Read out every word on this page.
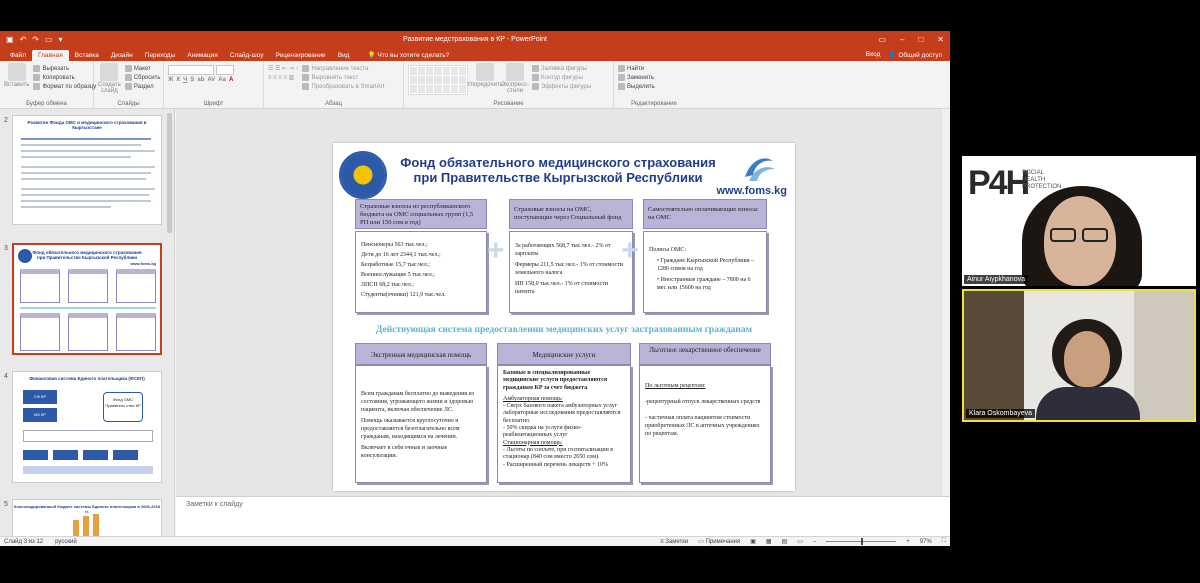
▣ ↶ ↷ ▭ ▾	Развитие медстрахования в КР - PowerPoint	▭ – □ ✕
Файл	Главная	Вставка	Дизайн	Переходы	Анимация	Слайд-шоу	Рецензирование	Вид	💡 Что вы хотите сделать?	Вход 👤 Общий доступ
Вставить
Вырезать
Копировать
Формат по образцу
Буфер обмена
Создать слайд
Макет
Сбросить
Раздел
Слайды
Ж К Ч S ab AV Aa A
Шрифт
☰ ☰ ⇤ ⇥ ↕
≡ ≡ ≡ ≡ ▥
Направление текста
Выровнять текст
Преобразовать в SmartArt
Абзац
Упорядочить
Экспресс-стили
Заливка фигуры
Контур фигуры
Эффекты фигуры
Рисование
Найти
Заменить
Выделить
Редактирование
2	Развитие Фонда ОМС и медицинского страхования в
Кыргызстане
3
Фонд обязательного медицинского страхования
при Правительстве Кыргызской Республики
www.foms.kg
4	Финансовая система Единого плательщика (ФСЕП)
СФ КР
МЗ КР
Фонд ОМС
Правитель ство КР
5	Консолидированный бюджет системы Единого плательщика в 2006-2018 гг.
Фонд обязательного медицинского страхования
при Правительстве Кыргызской Республики
www.foms.kg
Страховые взносы из республиканского бюджета на ОМС социальных групп (1,5 РП или 150 сом в год)
Пенсионеры 563 тыс.чел.;
Дети до 16 лет 2344,1 тыс.чел.;
Безработные 15,7 тыс.чел.;
Военнослужащие 5 тыс.чел.;
ЛПСП 68,2 тыс.чел.;
Студенты(очники) 121,9 тыс.чел.
+
Страховые взносы на ОМС, поступающие через Социальный фонд

За работающих 568,7 тыс.чел.- 2% от зарплаты

Фермеры 211,5 тыс.чел.- 1% от стоимости земельного налога

ИП 158,0 тыс.чел.- 1% от стоимости патента

+
Самостоятельно оплачивающие взносы на ОМС

Полисы ОМС:

• Граждане Кыргызской Республики – 1286 сомов на год

• Иностранные граждане – 7800 на 6 мес или 15600 на год

Действующая система предоставлении медицинских услуг застрахованным гражданам
Экстренная медицинская помощь

Всем гражданам бесплатно до выведения из состояния, угрожающего жизни и здоровью пациента, включая обеспечение ЛС.

Помощь оказывается круглосуточно и предоставляется безотлагательно всем гражданам, находящимся на лечении.

Включает в себя очные и заочные консультации.

Медицинские услуги

Базовые и специализированные медицинские услуги предоставляются гражданам КР за счет бюджета

Амбулаторная помощь:
- Сверх базового пакета амбулаторных услуг лабораторные исследования предоставляются бесплатно.
- 50% скидка на услуги физио-реабилитационных услуг
Стационарная помощь:
- Льготы по соплате, при госпитализации в стационар (840 сом вместо 2650 сом).
- Расширенный перечень лекарств + 10%
Льготное лекарственное обеспечение

По льготным рецептам:

-рецептурный отпуск лекарственных средств

- частичная оплата пациентом стоимости приобретенных ЛС в аптечных учреждениях по рецептам.

Заметки к слайду
Слайд 3 из 12 русский	≡ Заметки ▭ Примечания ▣ ▦ ▤ ▭ –	+ 97% ⛶
P4H
SOCIAL
HEALTH
PROTECTION
Ainur Aiypkhanova
Klara Oskombayeva
